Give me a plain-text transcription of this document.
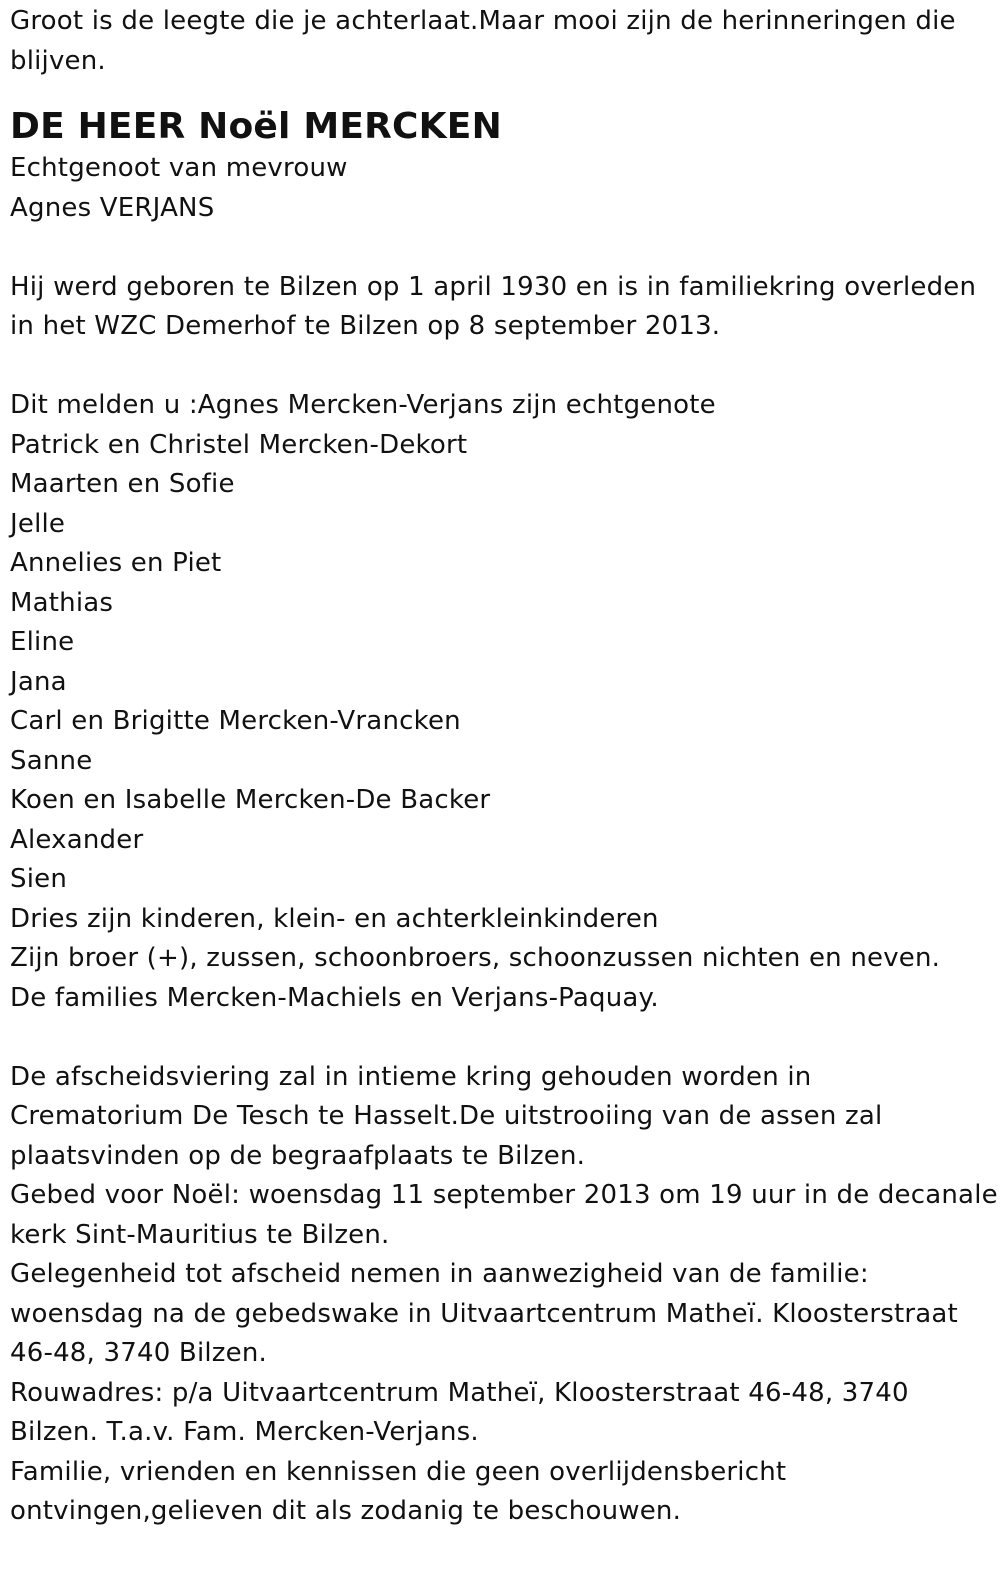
Groot is de leegte die je achterlaat.Maar mooi zijn de herinneringen die blijven.
DE HEER Noël MERCKEN
Echtgenoot van mevrouw
Agnes VERJANS
Hij werd geboren te Bilzen op 1 april 1930 en is in familiekring overleden
in het WZC Demerhof te Bilzen op 8 september 2013.
Dit melden u :Agnes Mercken-Verjans zijn echtgenote
Patrick en Christel Mercken-Dekort
Maarten en Sofie
Jelle
Annelies en Piet
Mathias
Eline
Jana
Carl en Brigitte Mercken-Vrancken
Sanne
Koen en Isabelle Mercken-De Backer
Alexander
Sien
Dries zijn kinderen, klein- en achterkleinkinderen
Zijn broer (+), zussen, schoonbroers, schoonzussen nichten en neven.
De families Mercken-Machiels en Verjans-Paquay.
De afscheidsviering zal in intieme kring gehouden worden in
Crematorium De Tesch te Hasselt.De uitstrooiing van de assen zal
plaatsvinden op de begraafplaats te Bilzen.
Gebed voor Noël: woensdag 11 september 2013 om 19 uur in de decanale
kerk Sint-Mauritius te Bilzen.
Gelegenheid tot afscheid nemen in aanwezigheid van de familie:
woensdag na de gebedswake in Uitvaartcentrum Matheï. Kloosterstraat
46-48, 3740 Bilzen.
Rouwadres: p/a Uitvaartcentrum Matheï, Kloosterstraat 46-48, 3740
Bilzen. T.a.v. Fam. Mercken-Verjans.
Familie, vrienden en kennissen die geen overlijdensbericht
ontvingen,gelieven dit als zodanig te beschouwen.
